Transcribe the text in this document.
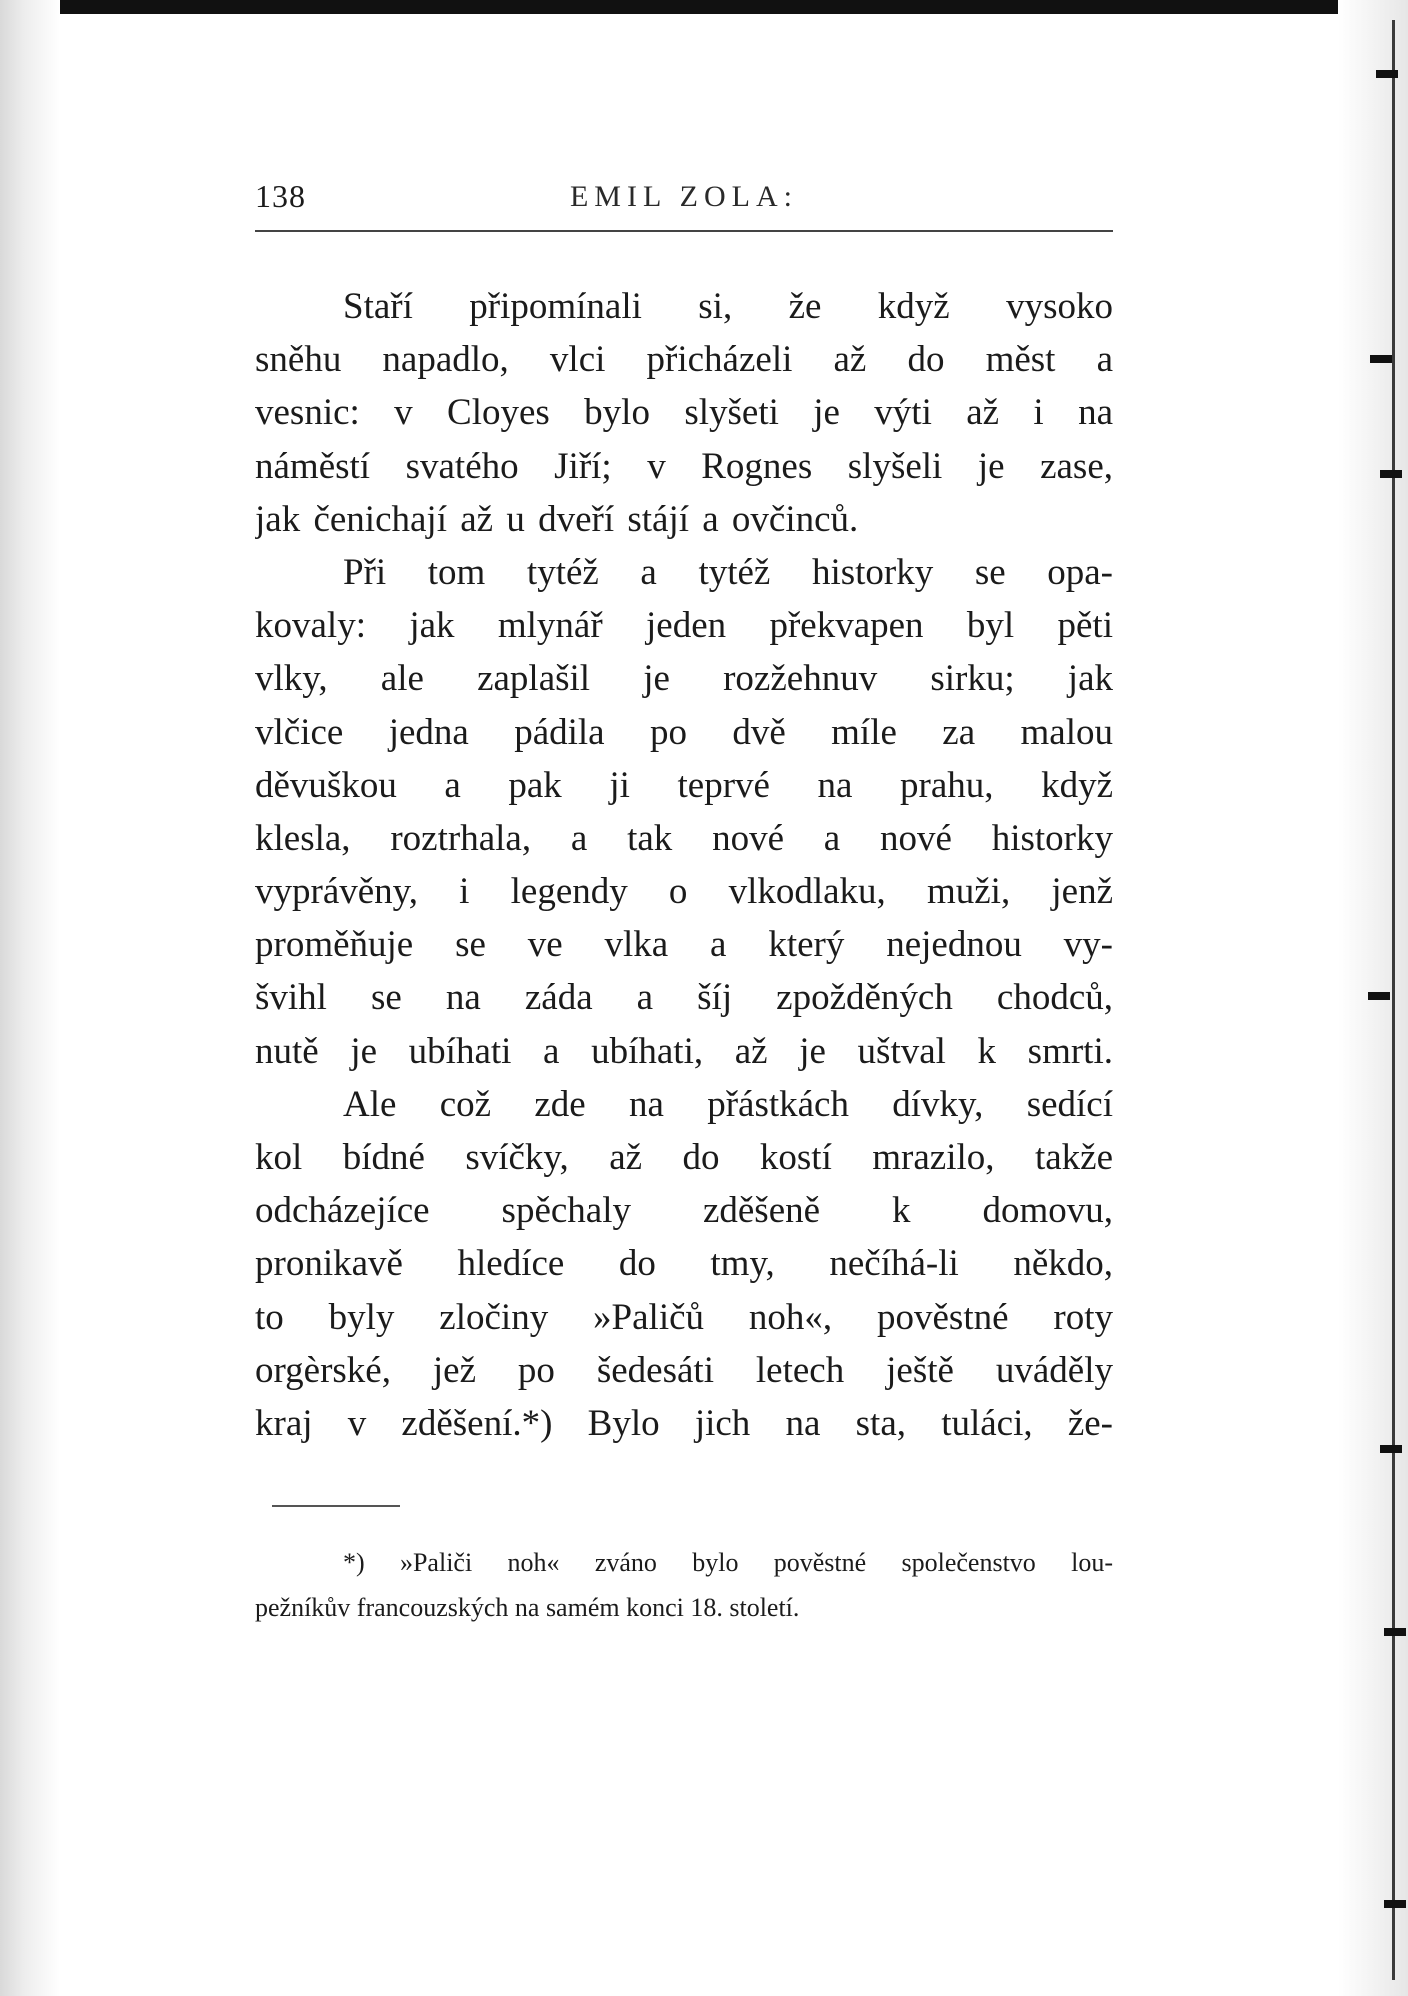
138	EMIL ZOLA:
Staří připomínali si, že když vysoko
sněhu napadlo, vlci přicházeli až do měst a
vesnic: v Cloyes bylo slyšeti je výti až i na
náměstí svatého Jiří; v Rognes slyšeli je zase,
jak čenichají až u dveří stájí a ovčinců.
Při tom tytéž a tytéž historky se opa-
kovaly: jak mlynář jeden překvapen byl pěti
vlky, ale zaplašil je rozžehnuv sirku; jak
vlčice jedna pádila po dvě míle za malou
děvuškou a pak ji teprvé na prahu, když
klesla, roztrhala, a tak nové a nové historky
vyprávěny, i legendy o vlkodlaku, muži, jenž
proměňuje se ve vlka a který nejednou vy-
švihl se na záda a šíj zpožděných chodců,
nutě je ubíhati a ubíhati, až je uštval k smrti.
Ale což zde na přástkách dívky, sedící
kol bídné svíčky, až do kostí mrazilo, takže
odcházejíce spěchaly zděšeně k domovu,
pronikavě hledíce do tmy, nečíhá-li někdo,
to byly zločiny »Paličů noh«, pověstné roty
orgèrské, jež po šedesáti letech ještě uváděly
kraj v zděšení.*) Bylo jich na sta, tuláci, že-
*) »Paliči noh« zváno bylo pověstné společenstvo lou-
pežníkův francouzských na samém konci 18. století.
